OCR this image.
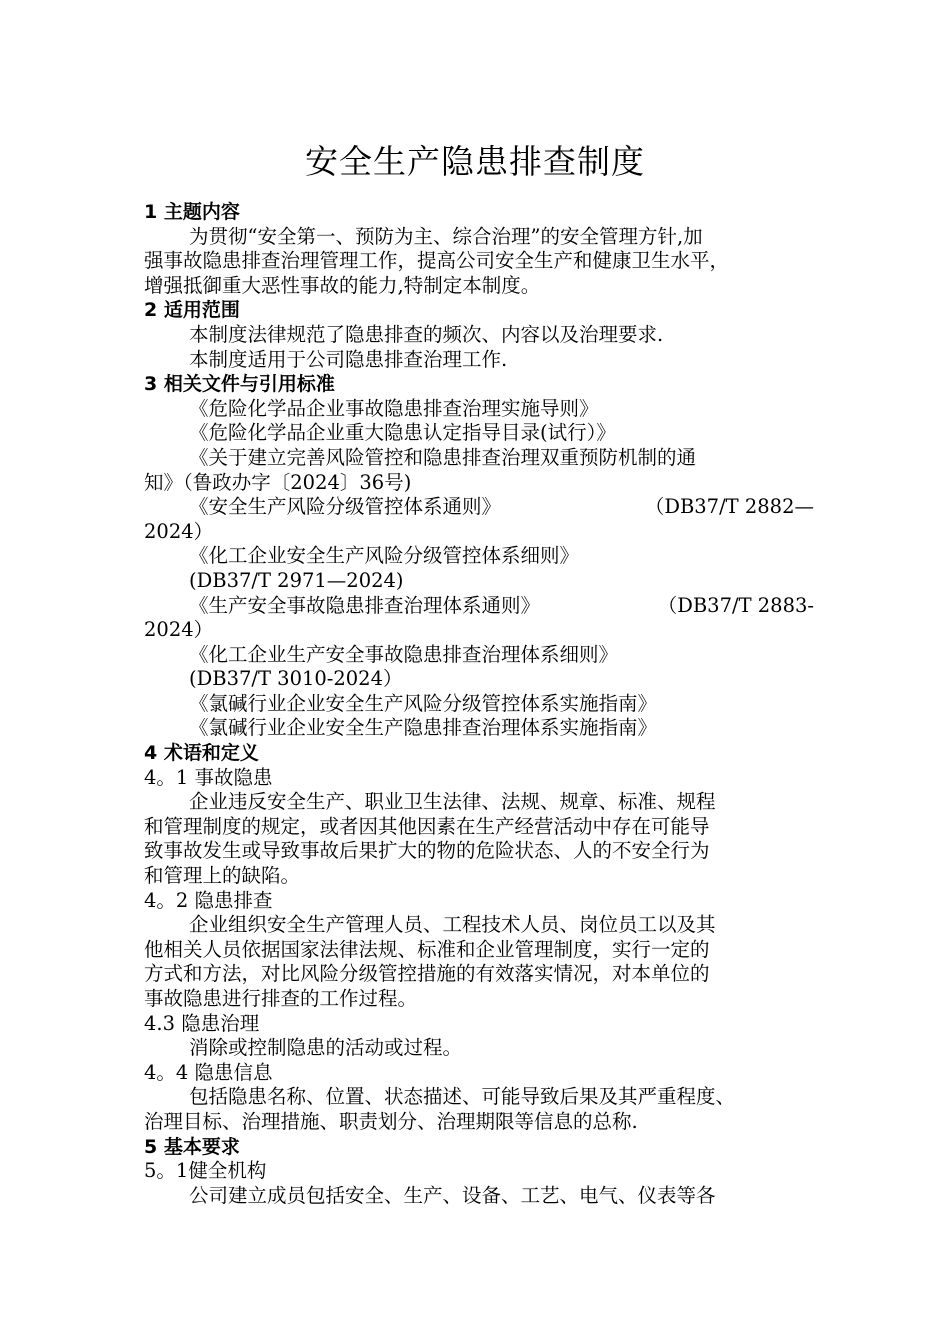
安全生产隐患排查制度
1 主题内容
为贯彻“安全第一、预防为主、综合治理”的安全管理方针,加
强事故隐患排查治理管理工作，提高公司安全生产和健康卫生水平，
增强抵御重大恶性事故的能力,特制定本制度。
2 适用范围
本制度法律规范了隐患排查的频次、内容以及治理要求.
本制度适用于公司隐患排查治理工作.
3 相关文件与引用标准
《危险化学品企业事故隐患排查治理实施导则》
《危险化学品企业重大隐患认定指导目录(试行）》
《关于建立完善风险管控和隐患排查治理双重预防机制的通
知》（鲁政办字〔2024〕36号)
《安全生产风险分级管控体系通则》	（DB37/T 2882—
2024）
《化工企业安全生产风险分级管控体系细则》
(DB37/T 2971—2024)
《生产安全事故隐患排查治理体系通则》	（DB37/T 2883-
2024）
《化工企业生产安全事故隐患排查治理体系细则》
(DB37/T 3010-2024）
《氯碱行业企业安全生产风险分级管控体系实施指南》
《氯碱行业企业安全生产隐患排查治理体系实施指南》
4 术语和定义
4。1 事故隐患
企业违反安全生产、职业卫生法律、法规、规章、标准、规程
和管理制度的规定，或者因其他因素在生产经营活动中存在可能导
致事故发生或导致事故后果扩大的物的危险状态、人的不安全行为
和管理上的缺陷。
4。2 隐患排查
企业组织安全生产管理人员、工程技术人员、岗位员工以及其
他相关人员依据国家法律法规、标准和企业管理制度，实行一定的
方式和方法，对比风险分级管控措施的有效落实情况，对本单位的
事故隐患进行排查的工作过程。
4.3 隐患治理
消除或控制隐患的活动或过程。
4。4 隐患信息
包括隐患名称、位置、状态描述、可能导致后果及其严重程度、
治理目标、治理措施、职责划分、治理期限等信息的总称.
5 基本要求
5。1健全机构
公司建立成员包括安全、生产、设备、工艺、电气、仪表等各
